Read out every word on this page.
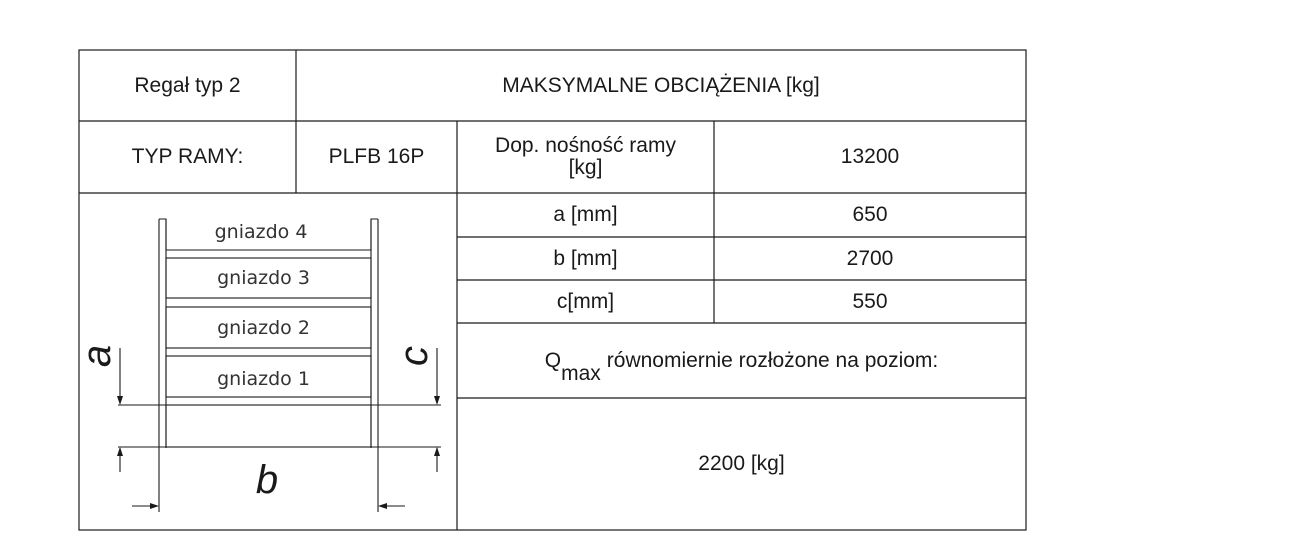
Regał typ 2	MAKSYMALNE OBCIĄŻENIA [kg]
TYP RAMY:	PLFB 16P	Dop. nośność ramy [kg]	13200
a [mm]	650
b [mm]	2700
c[mm]	550
Q
max
równomiernie rozłożone na poziom:
2200 [kg]
gniazdo 4
gniazdo 3
gniazdo 2
gniazdo 1
a	c
b
